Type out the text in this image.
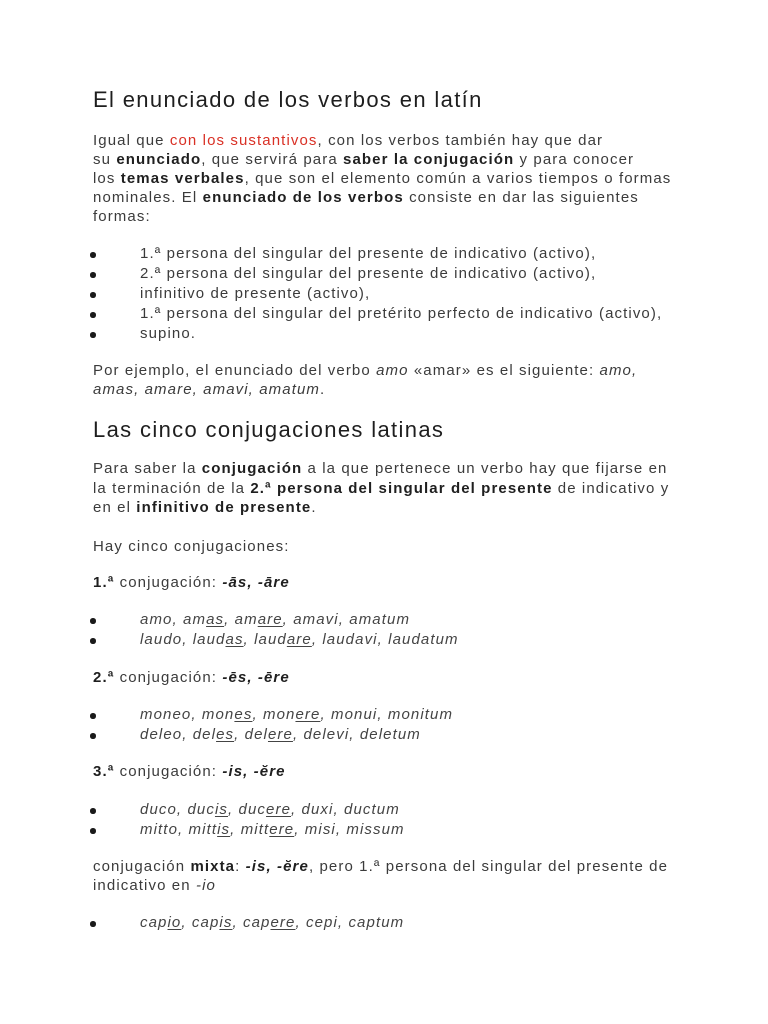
El enunciado de los verbos en latín
Igual que con los sustantivos, con los verbos también hay que dar
su enunciado, que servirá para saber la conjugación y para conocer
los temas verbales, que son el elemento común a varios tiempos o formas
nominales. El enunciado de los verbos consiste en dar las siguientes
formas:
1.ª persona del singular del presente de indicativo (activo),
2.ª persona del singular del presente de indicativo (activo),
infinitivo de presente (activo),
1.ª persona del singular del pretérito perfecto de indicativo (activo),
supino.
Por ejemplo, el enunciado del verbo amo «amar» es el siguiente: amo,
amas, amare, amavi, amatum.
Las cinco conjugaciones latinas
Para saber la conjugación a la que pertenece un verbo hay que fijarse en
la terminación de la 2.ª persona del singular del presente de indicativo y
en el infinitivo de presente.
Hay cinco conjugaciones:
1.ª conjugación: -ās, -āre
amo, amas, amare, amavi, amatum
laudo, laudas, laudare, laudavi, laudatum
2.ª conjugación: -ēs, -ēre
moneo, mones, monere, monui, monitum
deleo, deles, delere, delevi, deletum
3.ª conjugación: -is, -ĕre
duco, ducis, ducere, duxi, ductum
mitto, mittis, mittere, misi, missum
conjugación mixta: -is, -ĕre, pero 1.ª persona del singular del presente de
indicativo en -io
capio, capis, capere, cepi, captum
